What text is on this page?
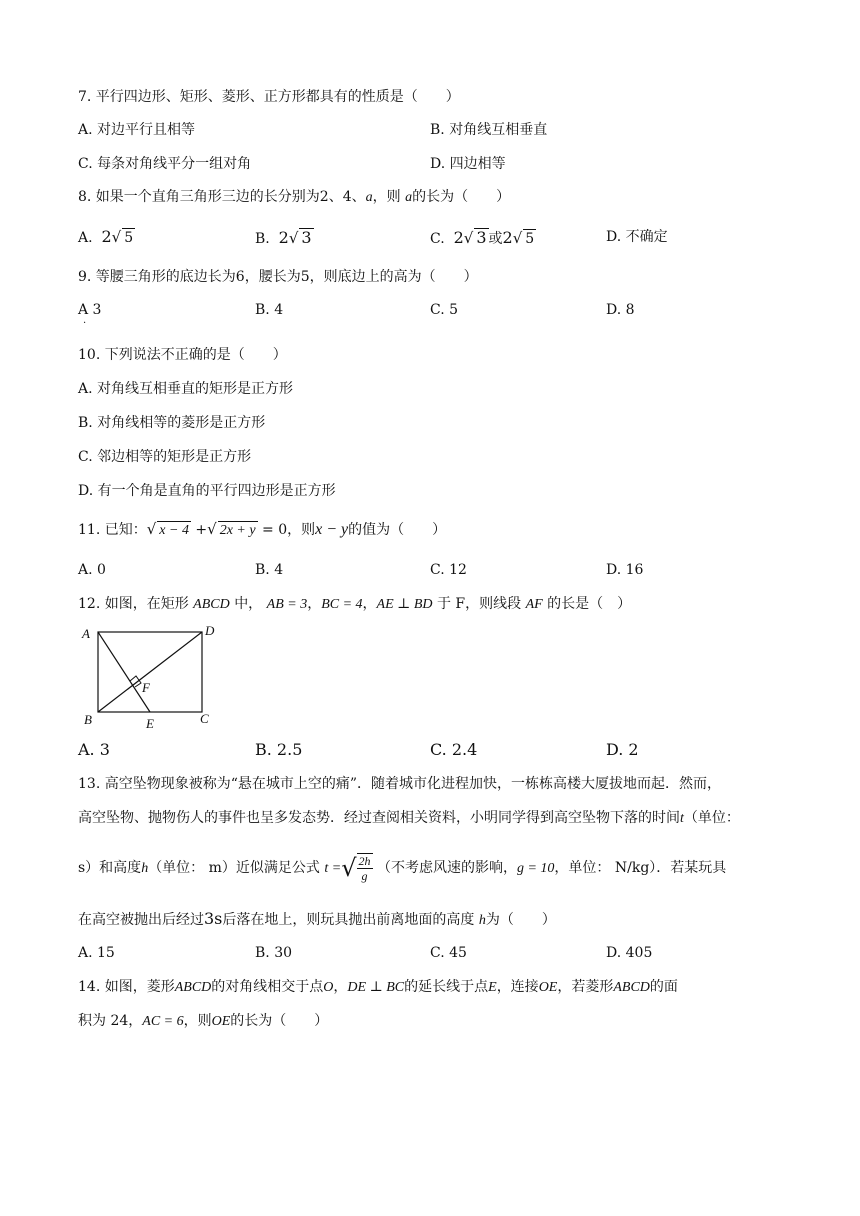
7. 平行四边形、矩形、菱形、正方形都具有的性质是（　　）
A. 对边平行且相等	B. 对角线互相垂直
C. 每条对角线平分一组对角	D. 四边相等
8. 如果一个直角三角形三边的长分别为2、4、a，则 a的长为（　　）
A. 2√ 5	B. 2√ 3	C. 2√ 3 或2√ 5	D. 不确定
9. 等腰三角形的底边长为6，腰长为5，则底边上的高为（　　）
A 3
.
B. 4	C. 5	D. 8
10. 下列说法不正确的是（　　）
A. 对角线互相垂直的矩形是正方形
B. 对角线相等的菱形是正方形
C. 邻边相等的矩形是正方形
D. 有一个角是直角的平行四边形是正方形
11. 已知：√ x − 4 +√ 2x + y = 0，则x − y的值为（　　）
A. 0	B. 4	C. 12	D. 16
12. 如图，在矩形 ABCD 中， AB = 3，BC = 4，AE ⊥ BD 于 F，则线段 AF 的长是（　）
A	D
F
B	E	C
A. 3	B. 2.5	C. 2.4	D. 2
13. 高空坠物现象被称为“悬在城市上空的痛”．随着城市化进程加快，一栋栋高楼大厦拔地而起．然而，
高空坠物、抛物伤人的事件也呈多发态势．经过查阅相关资料，小明同学得到高空坠物下落的时间t（单位：
s）和高度h（单位： m）近似满足公式 t =√ $\frac{2h}{g}$ （不考虑风速的影响，g = 10，单位： N/kg）．若某玩具
在高空被抛出后经过3s后落在地上，则玩具抛出前离地面的高度 h为（　　）
A. 15	B. 30	C. 45	D. 405
14. 如图，菱形ABCD的对角线相交于点O，DE ⊥ BC的延长线于点E，连接OE，若菱形ABCD的面
积为 24，AC = 6，则OE的长为（　　）
